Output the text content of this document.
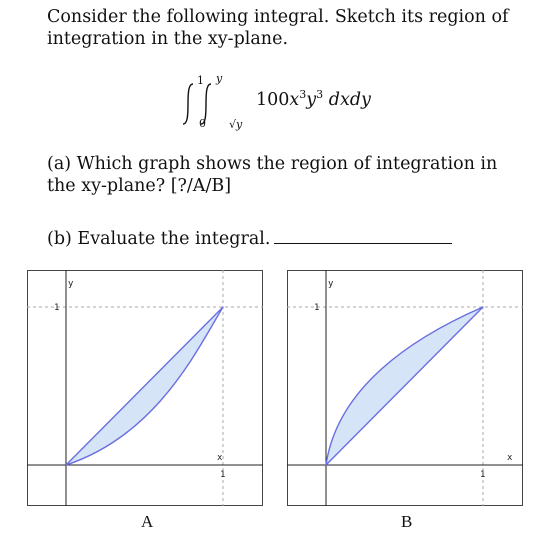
Consider the following integral. Sketch its region of integration in the xy-plane.

1
0
y
√y
$100x^3y^3$ dxdy

(a) Which graph shows the region of integration in the xy-plane? [?/A/B]

(b) Evaluate the integral.

y
x
1
1
A
y
x
1
1
B
